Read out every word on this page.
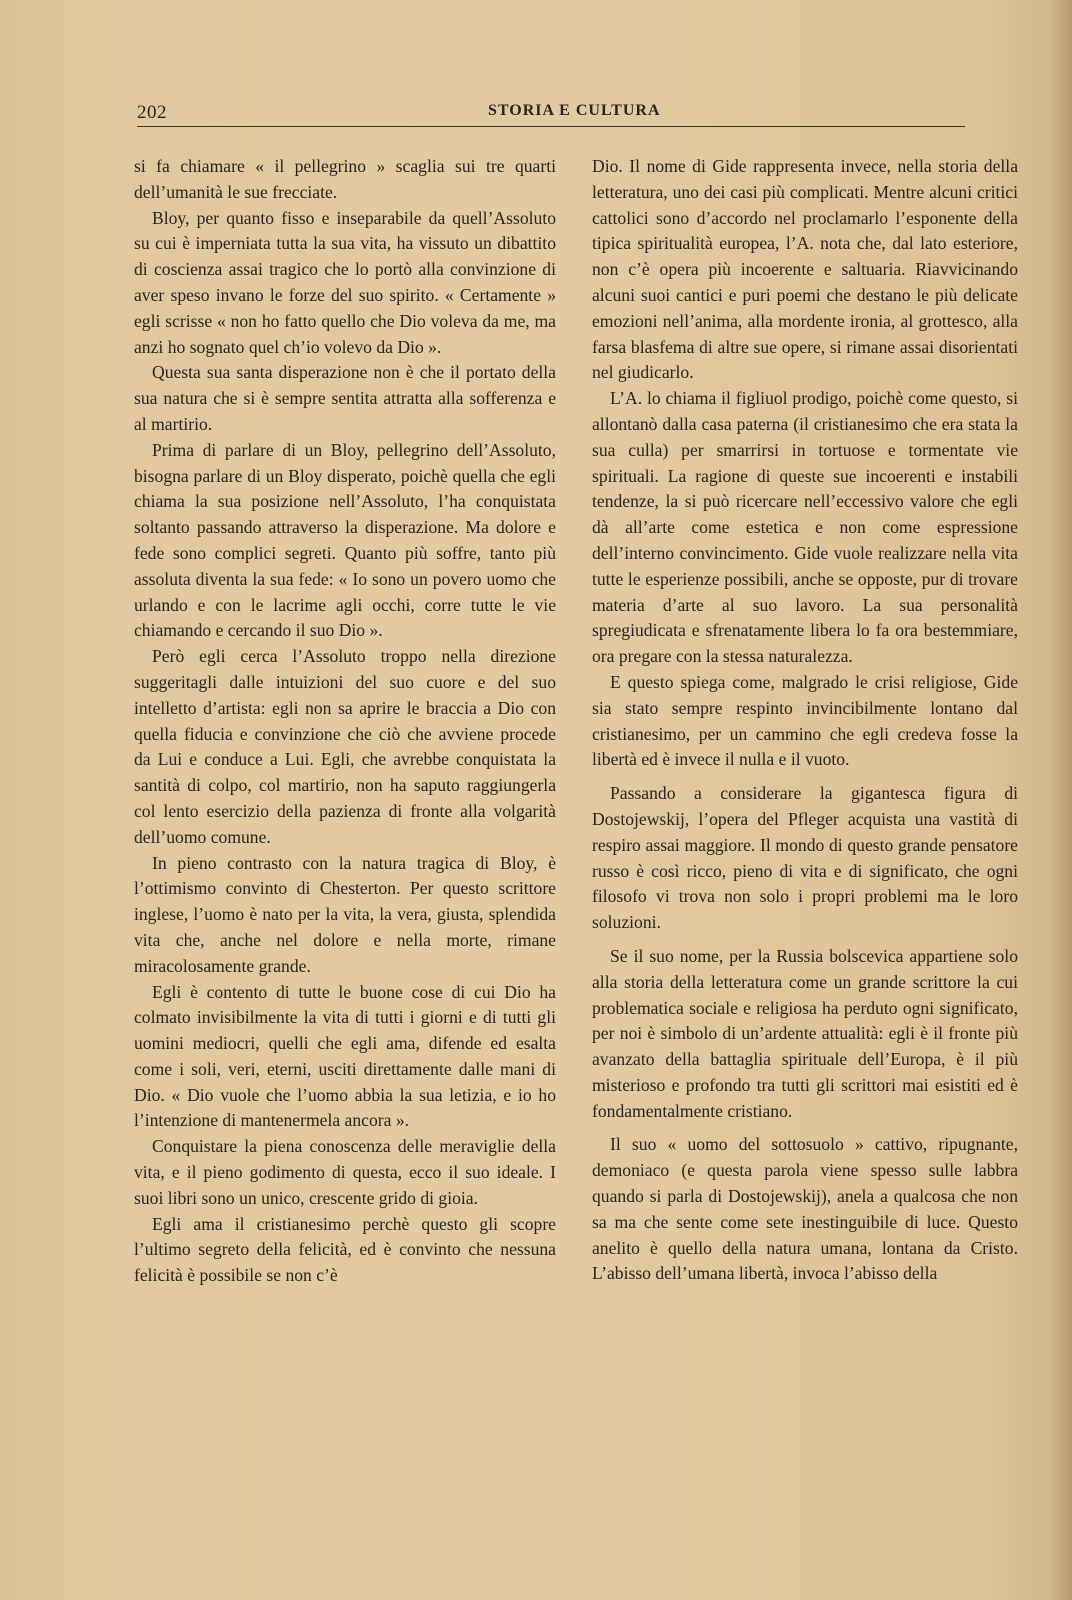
202	STORIA E CULTURA

si fa chiamare « il pellegrino » scaglia sui tre quarti dell’umanità le sue frecciate.

Bloy, per quanto fisso e inseparabile da quell’Assoluto su cui è imperniata tutta la sua vita, ha vissuto un dibattito di coscienza assai tragico che lo portò alla convinzione di aver speso invano le forze del suo spirito. « Certamente » egli scrisse « non ho fatto quello che Dio voleva da me, ma anzi ho sognato quel ch’io volevo da Dio ».

Questa sua santa disperazione non è che il portato della sua natura che si è sempre sentita attratta alla sofferenza e al martirio.

Prima di parlare di un Bloy, pellegrino dell’Assoluto, bisogna parlare di un Bloy disperato, poichè quella che egli chiama la sua posizione nell’Assoluto, l’ha conquistata soltanto passando attraverso la disperazione. Ma dolore e fede sono complici segreti. Quanto più soffre, tanto più assoluta diventa la sua fede: « Io sono un povero uomo che urlando e con le lacrime agli occhi, corre tutte le vie chiamando e cercando il suo Dio ».

Però egli cerca l’Assoluto troppo nella direzione suggeritagli dalle intuizioni del suo cuore e del suo intelletto d’artista: egli non sa aprire le braccia a Dio con quella fiducia e convinzione che ciò che avviene procede da Lui e conduce a Lui. Egli, che avrebbe conquistata la santità di colpo, col martirio, non ha saputo raggiungerla col lento esercizio della pazienza di fronte alla volgarità dell’uomo comune.

In pieno contrasto con la natura tragica di Bloy, è l’ottimismo convinto di Chesterton. Per questo scrittore inglese, l’uomo è nato per la vita, la vera, giusta, splendida vita che, anche nel dolore e nella morte, rimane miracolosamente grande.

Egli è contento di tutte le buone cose di cui Dio ha colmato invisibilmente la vita di tutti i giorni e di tutti gli uomini mediocri, quelli che egli ama, difende ed esalta come i soli, veri, eterni, usciti direttamente dalle mani di Dio. « Dio vuole che l’uomo abbia la sua letizia, e io ho l’intenzione di mantenermela ancora ».

Conquistare la piena conoscenza delle meraviglie della vita, e il pieno godimento di questa, ecco il suo ideale. I suoi libri sono un unico, crescente grido di gioia.

Egli ama il cristianesimo perchè questo gli scopre l’ultimo segreto della felicità, ed è convinto che nessuna felicità è possibile se non c’è

Dio. Il nome di Gide rappresenta invece, nella storia della letteratura, uno dei casi più complicati. Mentre alcuni critici cattolici sono d’accordo nel proclamarlo l’esponente della tipica spiritualità europea, l’A. nota che, dal lato esteriore, non c’è opera più incoerente e saltuaria. Riavvicinando alcuni suoi cantici e puri poemi che destano le più delicate emozioni nell’anima, alla mordente ironia, al grottesco, alla farsa blasfema di altre sue opere, si rimane assai disorientati nel giudicarlo.

L’A. lo chiama il figliuol prodigo, poichè come questo, si allontanò dalla casa paterna (il cristianesimo che era stata la sua culla) per smarrirsi in tortuose e tormentate vie spirituali. La ragione di queste sue incoerenti e instabili tendenze, la si può ricercare nell’eccessivo valore che egli dà all’arte come estetica e non come espressione dell’interno convincimento. Gide vuole realizzare nella vita tutte le esperienze possibili, anche se opposte, pur di trovare materia d’arte al suo lavoro. La sua personalità spregiudicata e sfrenatamente libera lo fa ora bestemmiare, ora pregare con la stessa naturalezza.

E questo spiega come, malgrado le crisi religiose, Gide sia stato sempre respinto invincibilmente lontano dal cristianesimo, per un cammino che egli credeva fosse la libertà ed è invece il nulla e il vuoto.

Passando a considerare la gigantesca figura di Dostojewskij, l’opera del Pfleger acquista una vastità di respiro assai maggiore. Il mondo di questo grande pensatore russo è così ricco, pieno di vita e di significato, che ogni filosofo vi trova non solo i propri problemi ma le loro soluzioni.

Se il suo nome, per la Russia bolscevica appartiene solo alla storia della letteratura come un grande scrittore la cui problematica sociale e religiosa ha perduto ogni significato, per noi è simbolo di un’ardente attualità: egli è il fronte più avanzato della battaglia spirituale dell’Europa, è il più misterioso e profondo tra tutti gli scrittori mai esistiti ed è fondamentalmente cristiano.

Il suo « uomo del sottosuolo » cattivo, ripugnante, demoniaco (e questa parola viene spesso sulle labbra quando si parla di Dostojewskij), anela a qualcosa che non sa ma che sente come sete inestinguibile di luce. Questo anelito è quello della natura umana, lontana da Cristo. L’abisso dell’umana libertà, invoca l’abisso della
